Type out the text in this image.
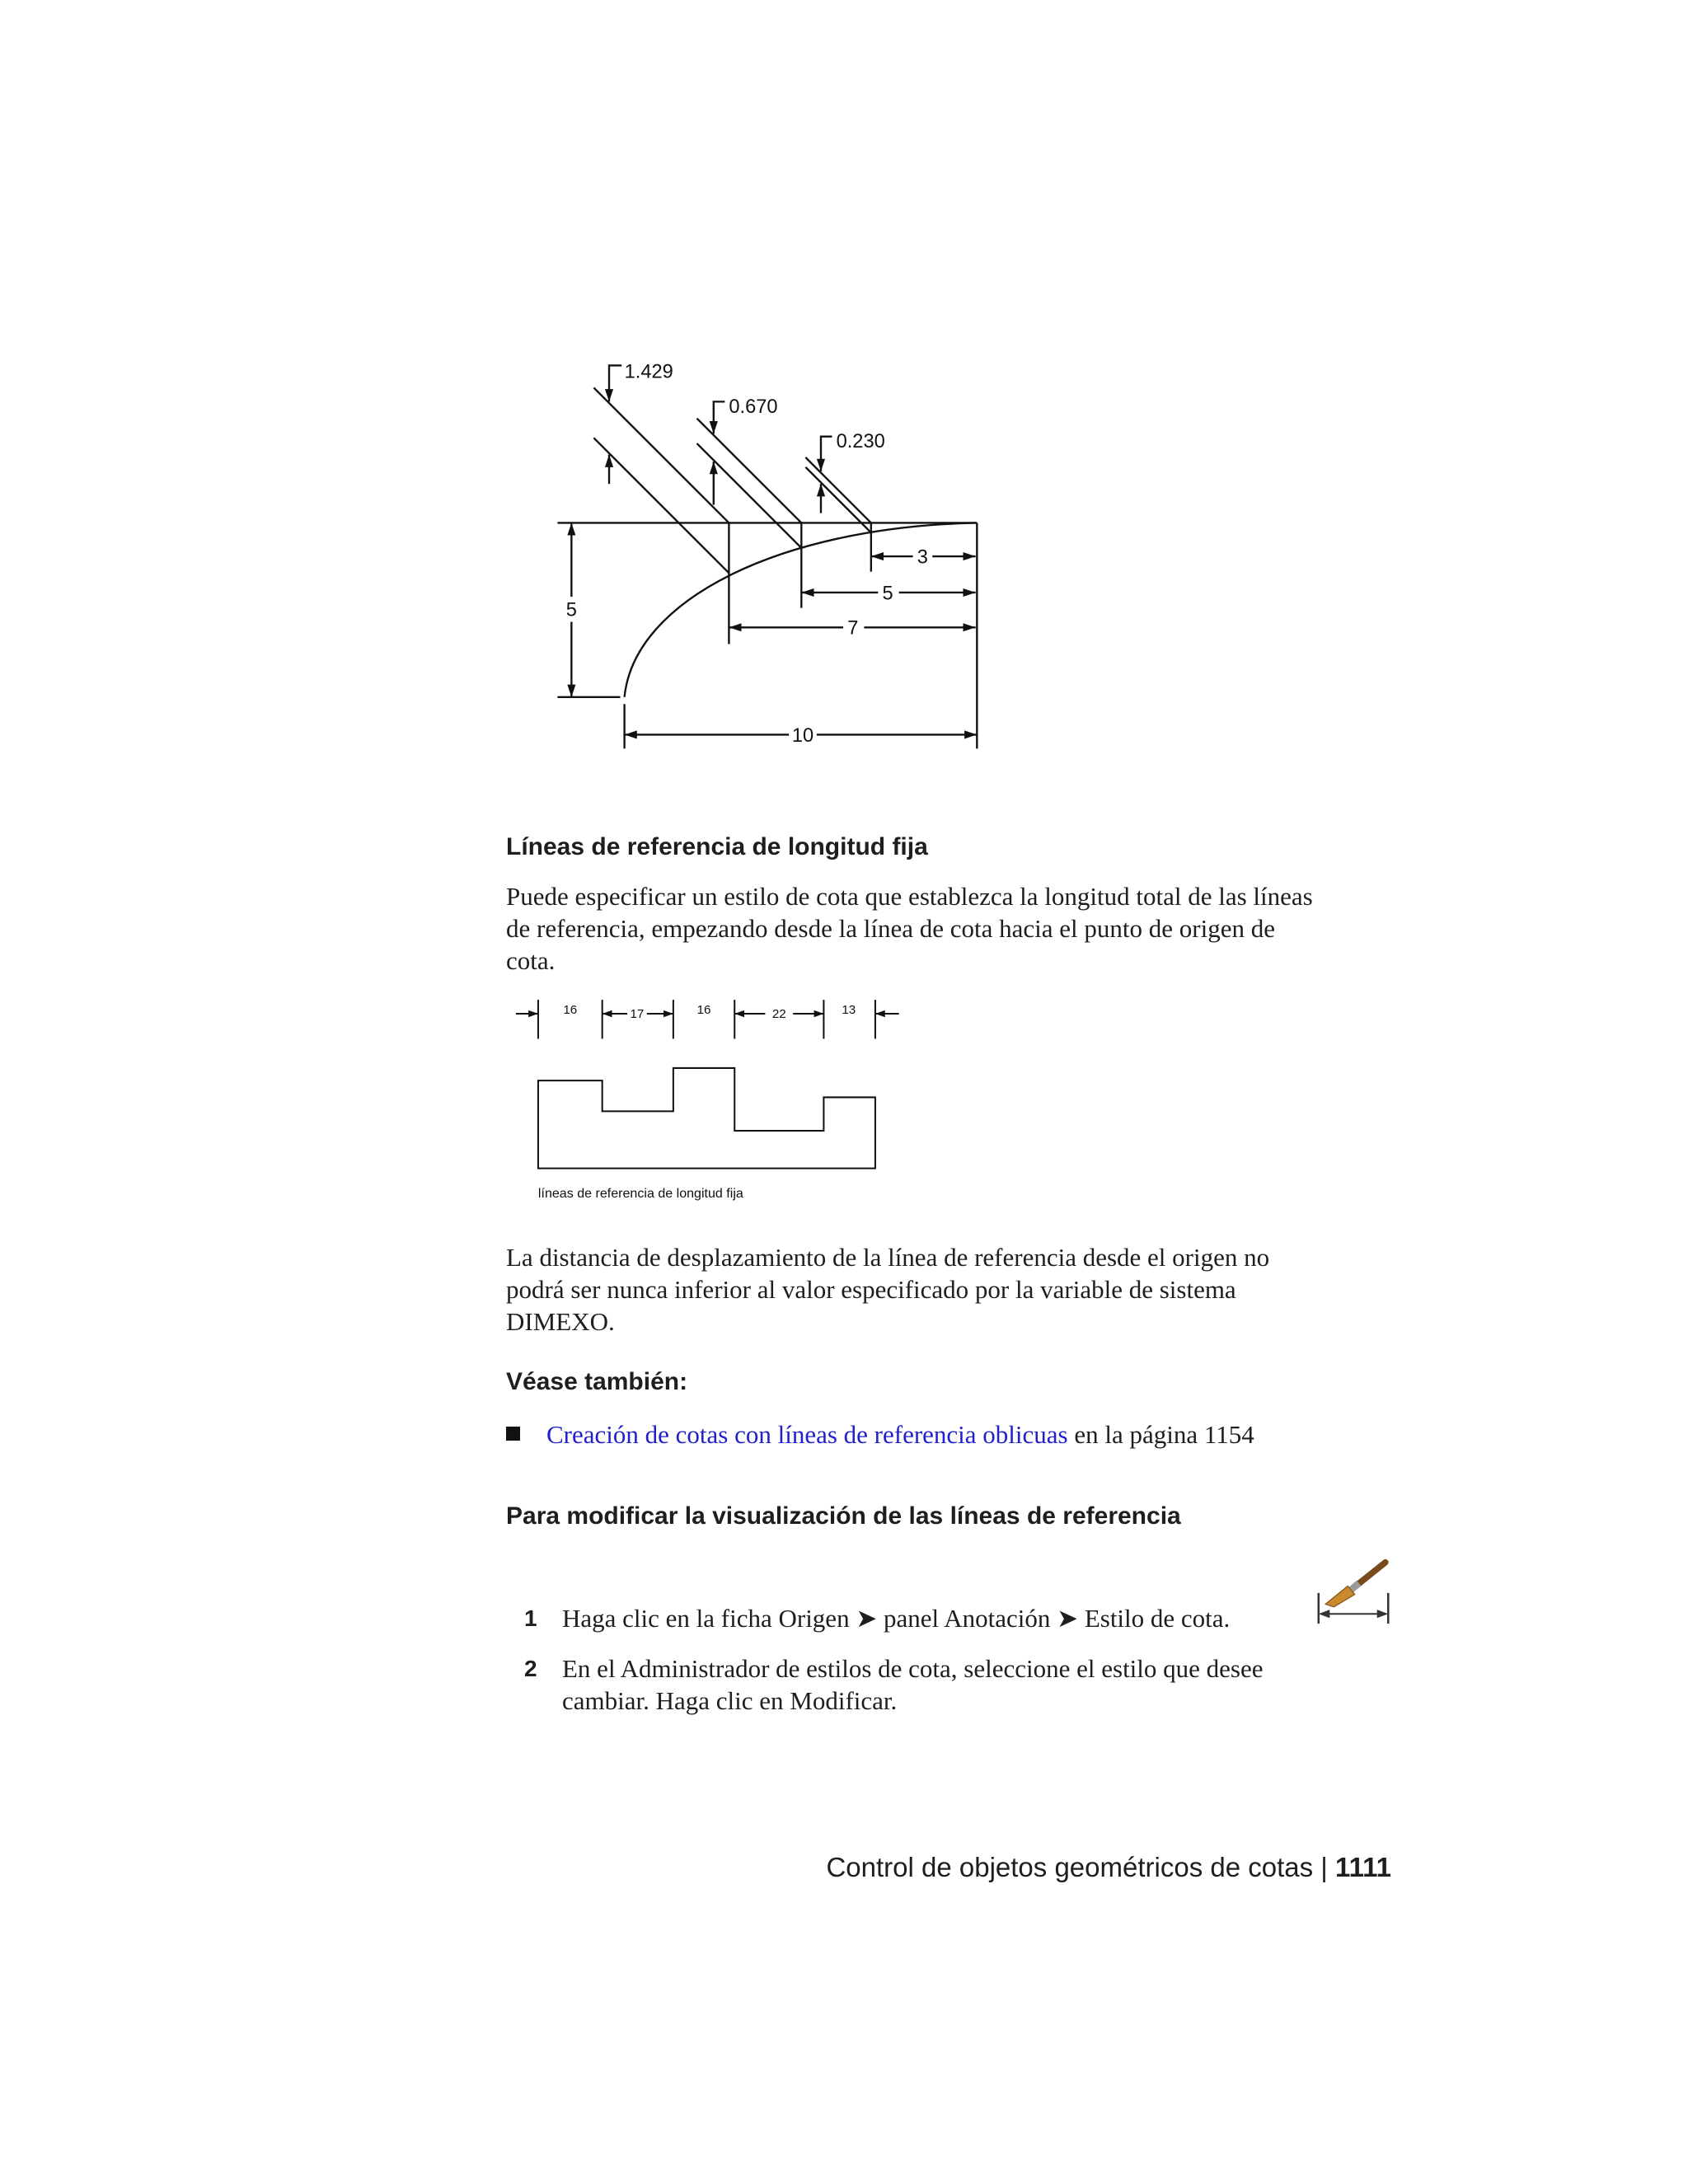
1.429
0.670
0.230
5
3
5
7
10
Líneas de referencia de longitud fija
Puede especificar un estilo de cota que establezca la longitud total de las líneas
de referencia, empezando desde la línea de cota hacia el punto de origen de
cota.
16	17	16	22	13
líneas de referencia de longitud fija
La distancia de desplazamiento de la línea de referencia desde el origen no
podrá ser nunca inferior al valor especificado por la variable de sistema
DIMEXO.
Véase también:
Creación de cotas con líneas de referencia oblicuas en la página 1154
Para modificar la visualización de las líneas de referencia
1 Haga clic en la ficha Origen ➤ panel Anotación ➤ Estilo de cota.
2 En el Administrador de estilos de cota, seleccione el estilo que desee
cambiar. Haga clic en Modificar.
Control de objetos geométricos de cotas | 1111
